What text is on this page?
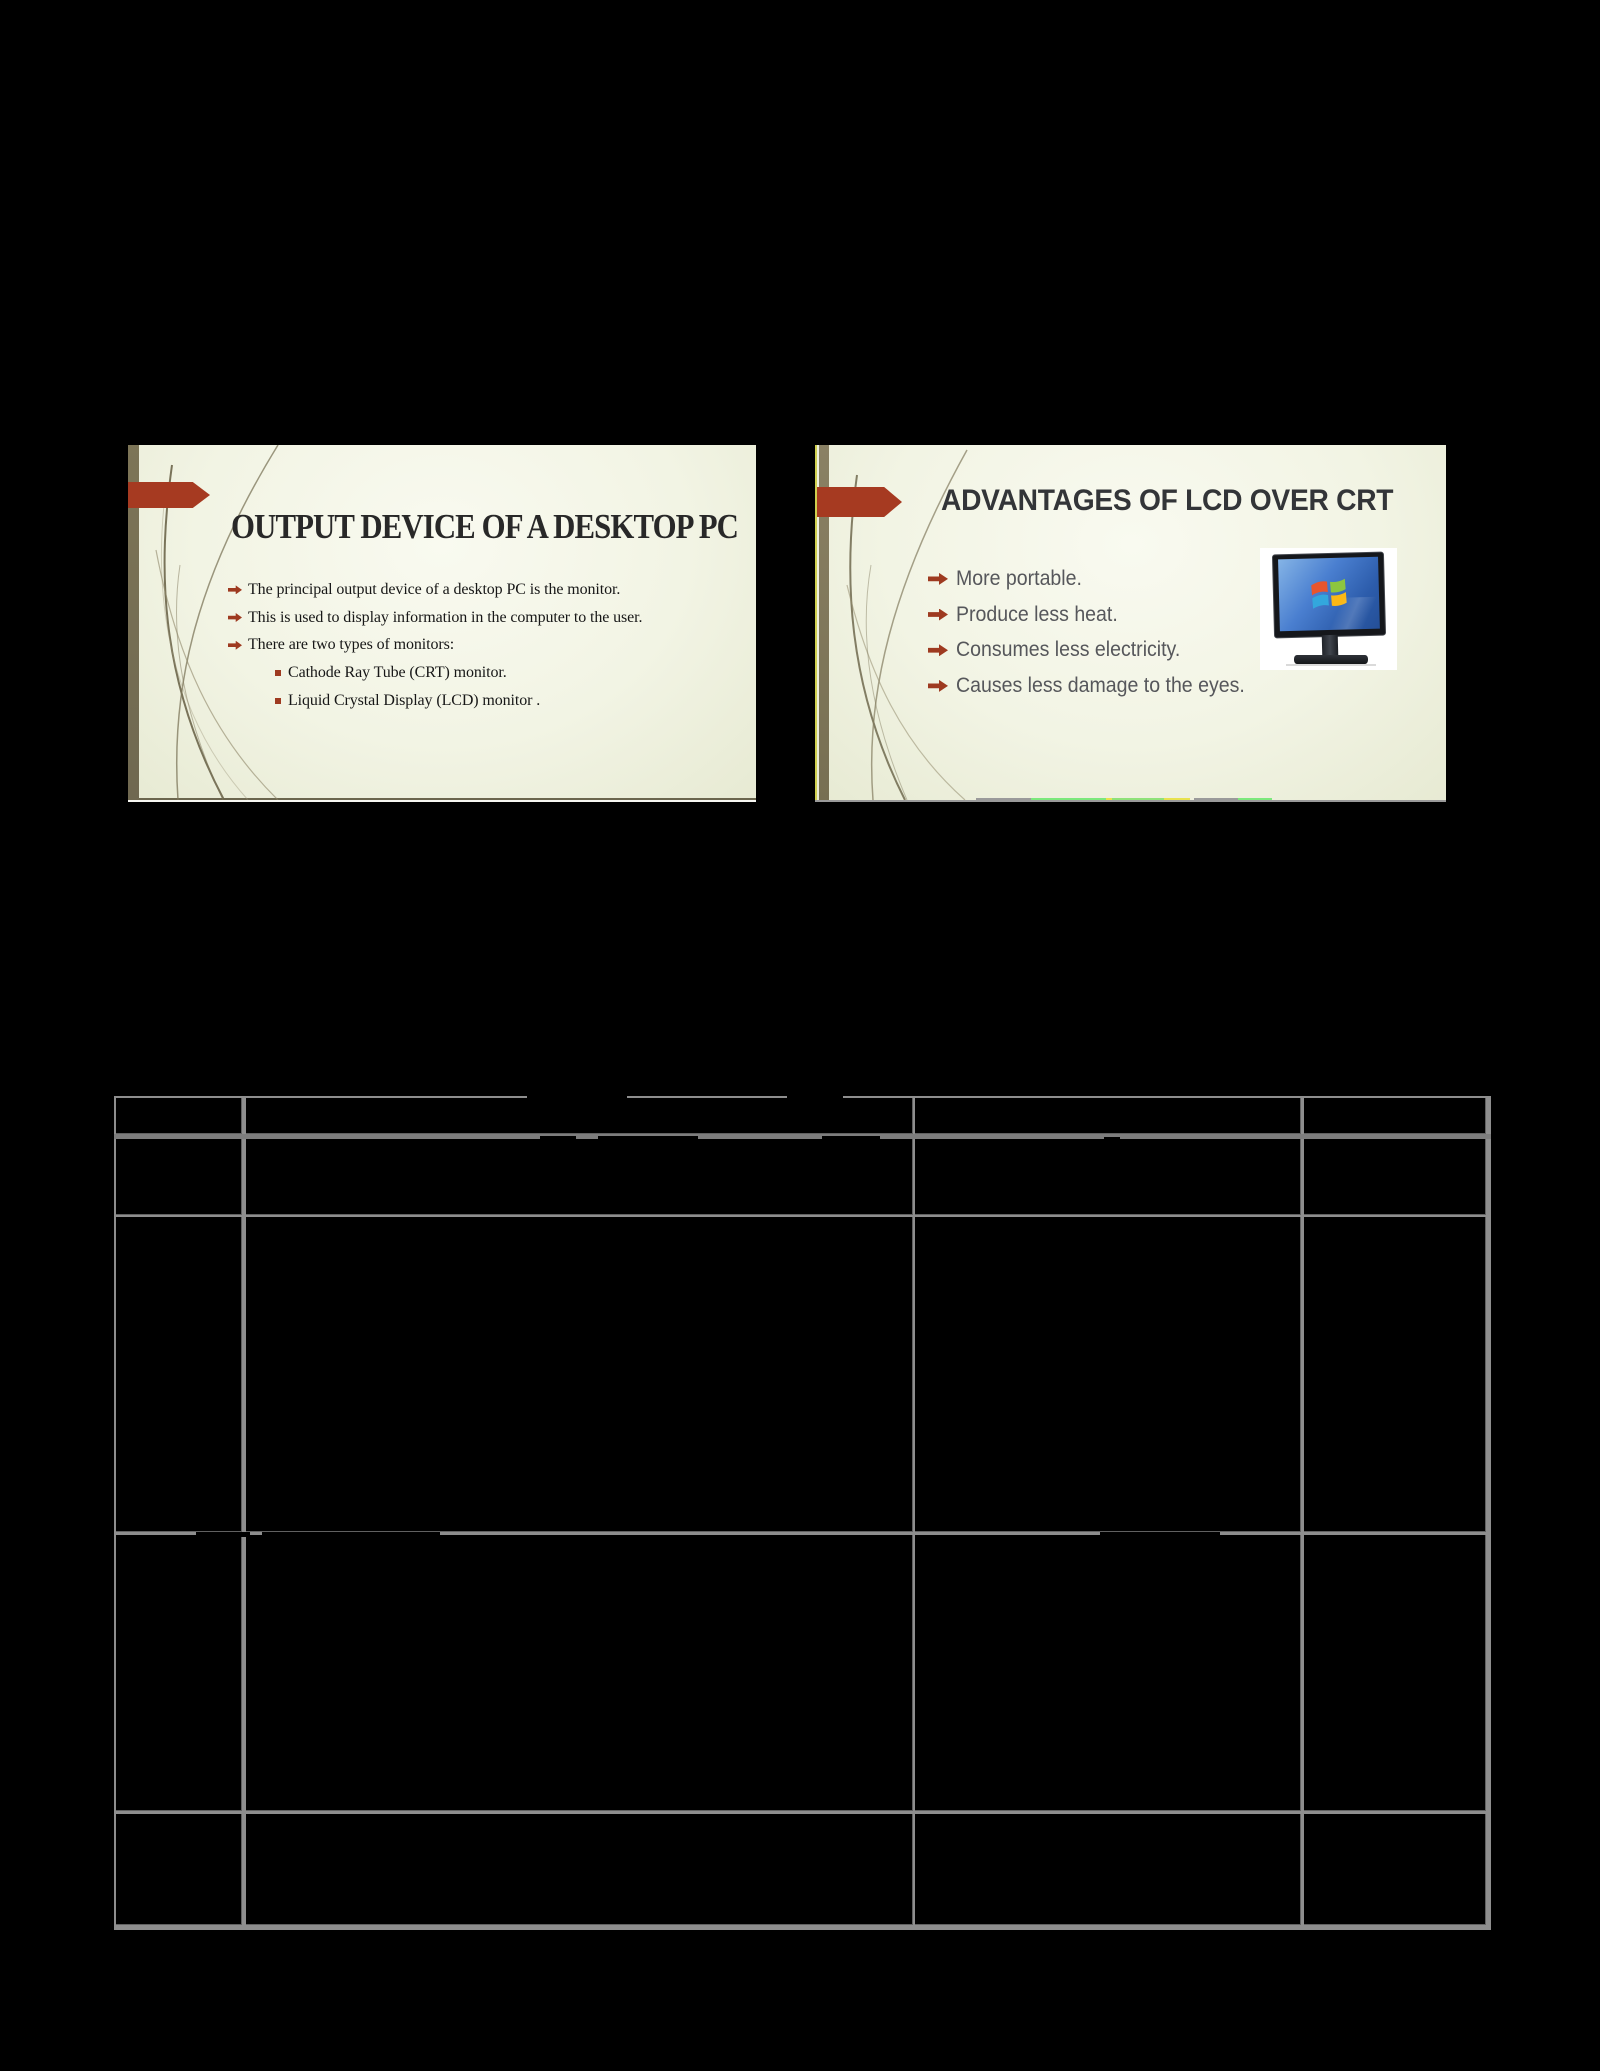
OUTPUT DEVICE OF A DESKTOP PC
The principal output device of a desktop PC is the monitor.
This is used to display information in the computer to the user.
There are two types of monitors:
Cathode Ray Tube (CRT) monitor.
Liquid Crystal Display (LCD) monitor .
ADVANTAGES OF LCD OVER CRT
More portable.
Produce less heat.
Consumes less electricity.
Causes less damage to the eyes.
